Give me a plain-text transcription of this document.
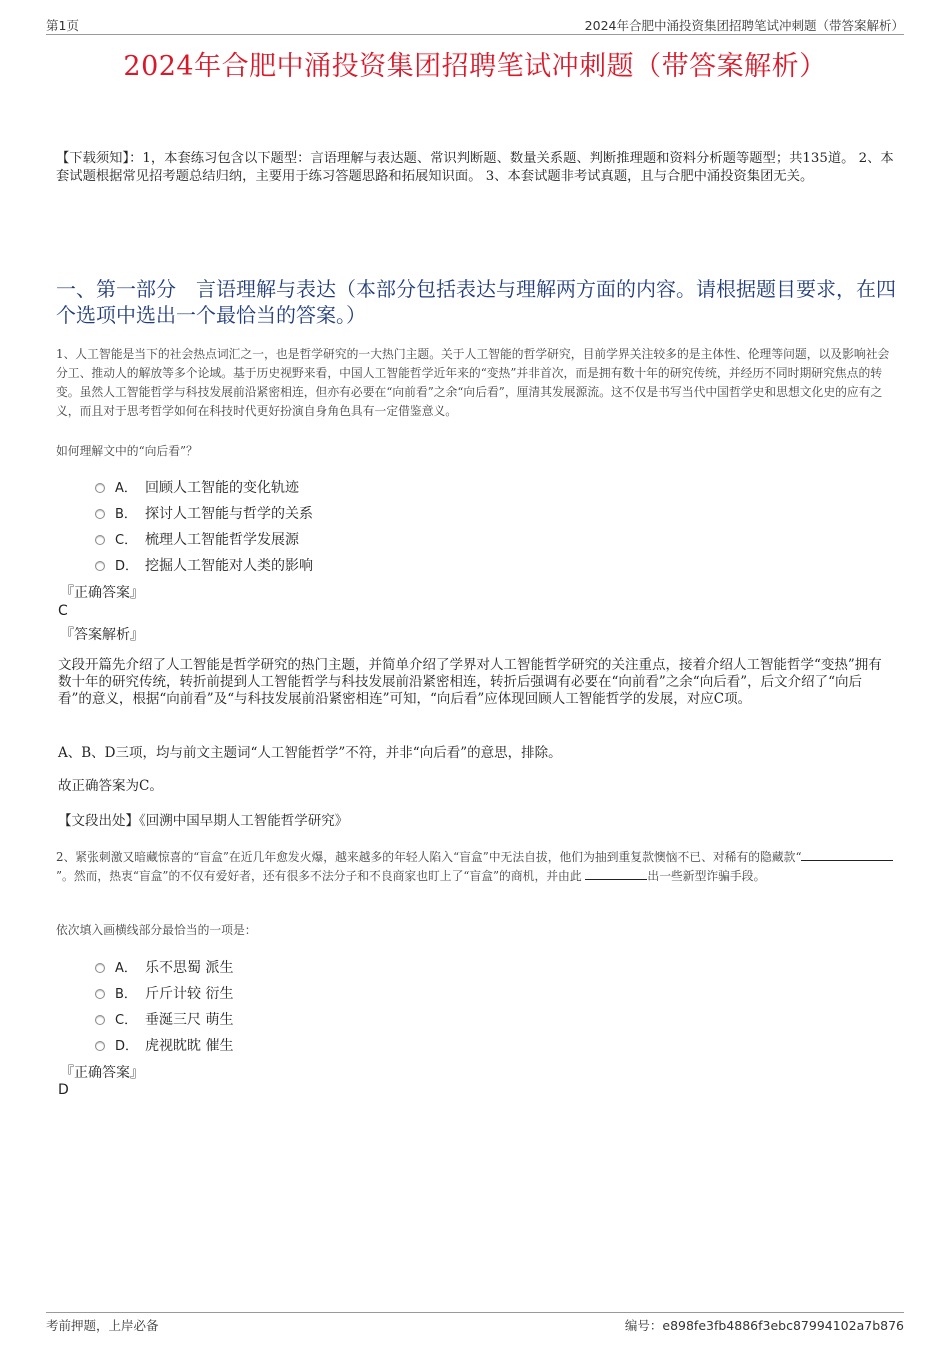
第1页	2024年合肥中涌投资集团招聘笔试冲刺题（带答案解析）
2024年合肥中涌投资集团招聘笔试冲刺题（带答案解析）
【下载须知】：1，本套练习包含以下题型：言语理解与表达题、常识判断题、数量关系题、判断推理题和资料分析题等题型；共135道。 2、本套试题根据常见招考题总结归纳，主要用于练习答题思路和拓展知识面。 3、本套试题非考试真题，且与合肥中涌投资集团无关。
一、第一部分　言语理解与表达（本部分包括表达与理解两方面的内容。请根据题目要求，在四个选项中选出一个最恰当的答案。）
1、人工智能是当下的社会热点词汇之一，也是哲学研究的一大热门主题。关于人工智能的哲学研究，目前学界关注较多的是主体性、伦理等问题，以及影响社会分工、推动人的解放等多个论域。基于历史视野来看，中国人工智能哲学近年来的“变热”并非首次，而是拥有数十年的研究传统，并经历不同时期研究焦点的转变。虽然人工智能哲学与科技发展前沿紧密相连，但亦有必要在“向前看”之余“向后看”，厘清其发展源流。这不仅是书写当代中国哲学史和思想文化史的应有之义，而且对于思考哲学如何在科技时代更好扮演自身角色具有一定借鉴意义。
如何理解文中的“向后看”？
A． 回顾人工智能的变化轨迹
B． 探讨人工智能与哲学的关系
C． 梳理人工智能哲学发展源
D． 挖掘人工智能对人类的影响
『正确答案』
C
『答案解析』
文段开篇先介绍了人工智能是哲学研究的热门主题，并简单介绍了学界对人工智能哲学研究的关注重点，接着介绍人工智能哲学“变热”拥有数十年的研究传统，转折前提到人工智能哲学与科技发展前沿紧密相连，转折后强调有必要在“向前看”之余“向后看”，后文介绍了“向后看”的意义，根据“向前看”及“与科技发展前沿紧密相连”可知，“向后看”应体现回顾人工智能哲学的发展，对应C项。
A、B、D三项，均与前文主题词“人工智能哲学”不符，并非“向后看”的意思，排除。
故正确答案为C。
【文段出处】《回溯中国早期人工智能哲学研究》
2、紧张刺激又暗藏惊喜的“盲盒”在近几年愈发火爆，越来越多的年轻人陷入“盲盒”中无法自拔，他们为抽到重复款懊恼不已、对稀有的隐藏款“”。然而，热衷“盲盒”的不仅有爱好者，还有很多不法分子和不良商家也盯上了“盲盒”的商机，并由此	出一些新型诈骗手段。
依次填入画横线部分最恰当的一项是：
A． 乐不思蜀 派生
B． 斤斤计较 衍生
C． 垂涎三尺 萌生
D． 虎视眈眈 催生
『正确答案』
D
考前押题，上岸必备	编号：e898fe3fb4886f3ebc87994102a7b876
